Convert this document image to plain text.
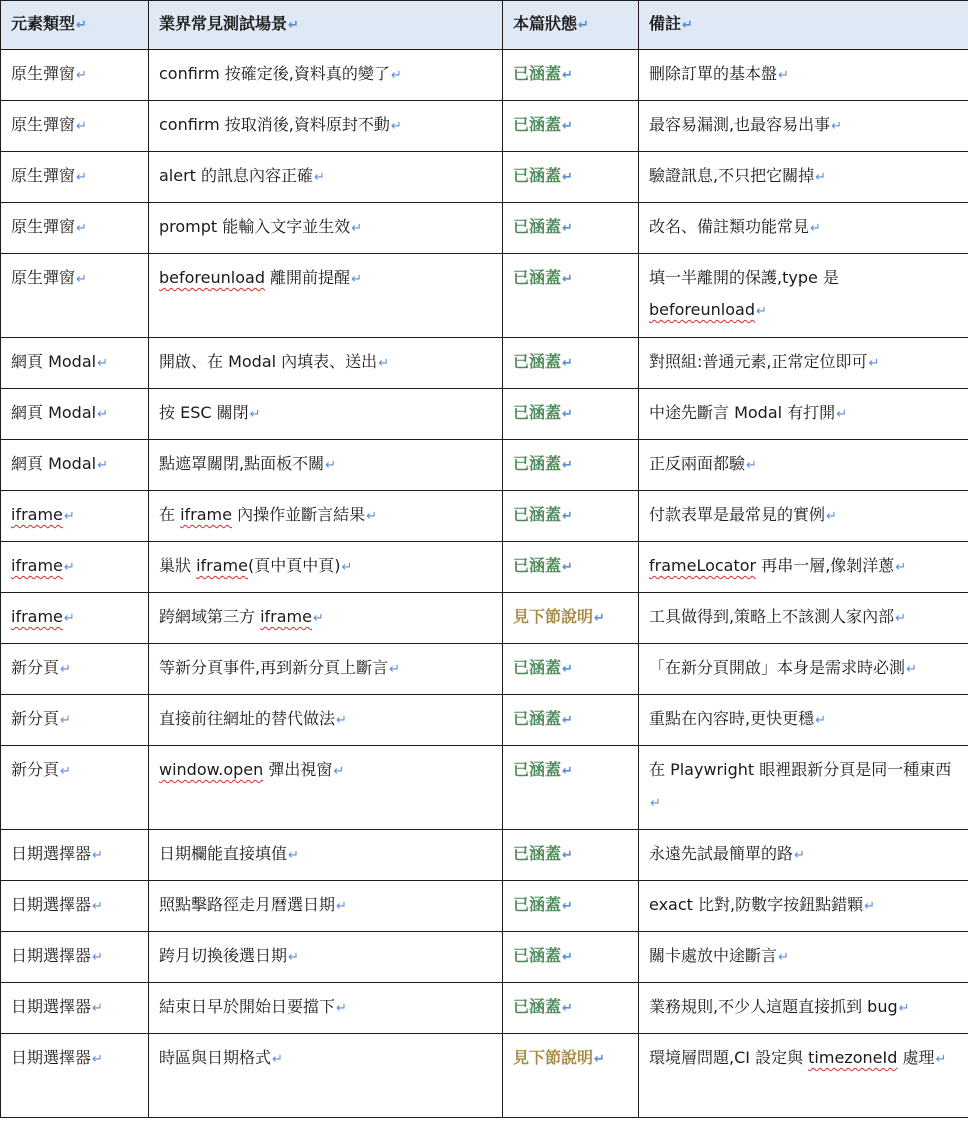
元素類型 ↵	業界常見測試場景 ↵	本篇狀態 ↵	備註 ↵
原生彈窗 ↵	confirm 按確定後,資料真的變了 ↵	已涵蓋 ↵	刪除訂單的基本盤 ↵
原生彈窗 ↵	confirm 按取消後,資料原封不動 ↵	已涵蓋 ↵	最容易漏測,也最容易出事 ↵
原生彈窗 ↵	alert 的訊息內容正確 ↵	已涵蓋 ↵	驗證訊息,不只把它關掉 ↵
原生彈窗 ↵	prompt 能輸入文字並生效 ↵	已涵蓋 ↵	改名、備註類功能常見 ↵
原生彈窗 ↵	beforeunload 離開前提醒 ↵	已涵蓋 ↵	填一半離開的保護,type 是 beforeunload ↵
網頁 Modal ↵	開啟、在 Modal 內填表、送出 ↵	已涵蓋 ↵	對照組:普通元素,正常定位即可 ↵
網頁 Modal ↵	按 ESC 關閉 ↵	已涵蓋 ↵	中途先斷言 Modal 有打開 ↵
網頁 Modal ↵	點遮罩關閉,點面板不關 ↵	已涵蓋 ↵	正反兩面都驗 ↵
iframe ↵	在 iframe 內操作並斷言結果 ↵	已涵蓋 ↵	付款表單是最常見的實例 ↵
iframe ↵	巢狀 iframe(頁中頁中頁) ↵	已涵蓋 ↵	frameLocator 再串一層,像剝洋蔥 ↵
iframe ↵	跨網域第三方 iframe ↵	見下節說明 ↵	工具做得到,策略上不該測人家內部 ↵
新分頁 ↵	等新分頁事件,再到新分頁上斷言 ↵	已涵蓋 ↵	「在新分頁開啟」本身是需求時必測 ↵
新分頁 ↵	直接前往網址的替代做法 ↵	已涵蓋 ↵	重點在內容時,更快更穩 ↵
新分頁 ↵	window.open 彈出視窗 ↵	已涵蓋 ↵	在 Playwright 眼裡跟新分頁是同一種東西 ↵
日期選擇器 ↵	日期欄能直接填值 ↵	已涵蓋 ↵	永遠先試最簡單的路 ↵
日期選擇器 ↵	照點擊路徑走月曆選日期 ↵	已涵蓋 ↵	exact 比對,防數字按鈕點錯顆 ↵
日期選擇器 ↵	跨月切換後選日期 ↵	已涵蓋 ↵	關卡處放中途斷言 ↵
日期選擇器 ↵	結束日早於開始日要擋下 ↵	已涵蓋 ↵	業務規則,不少人這題直接抓到 bug ↵
日期選擇器 ↵	時區與日期格式 ↵	見下節說明 ↵	環境層問題,CI 設定與 timezoneId 處理 ↵
